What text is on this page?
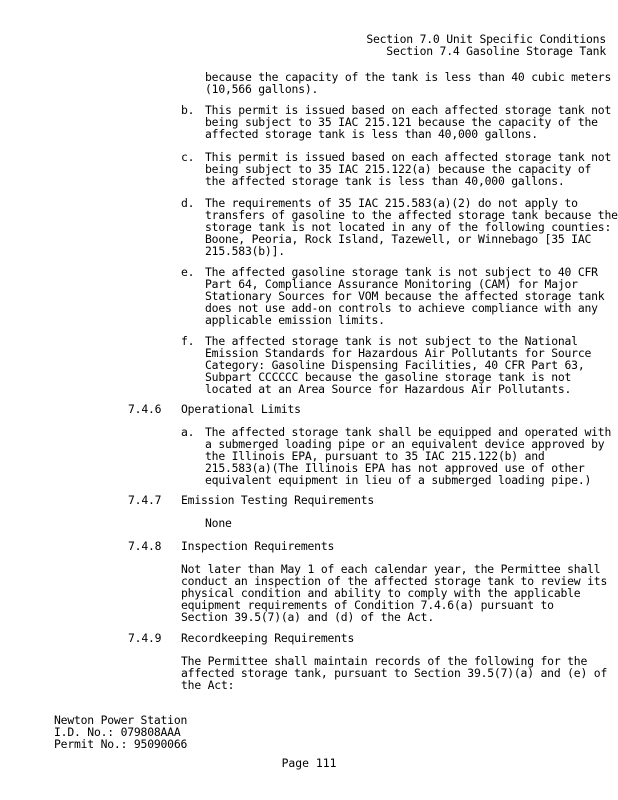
Section 7.0 Unit Specific Conditions
Section 7.4 Gasoline Storage Tank
because the capacity of the tank is less than 40 cubic meters
(10,566 gallons).
b. This permit is issued based on each affected storage tank not
being subject to 35 IAC 215.121 because the capacity of the
affected storage tank is less than 40,000 gallons.
c. This permit is issued based on each affected storage tank not
being subject to 35 IAC 215.122(a) because the capacity of
the affected storage tank is less than 40,000 gallons.
d. The requirements of 35 IAC 215.583(a)(2) do not apply to
transfers of gasoline to the affected storage tank because the
storage tank is not located in any of the following counties:
Boone, Peoria, Rock Island, Tazewell, or Winnebago [35 IAC
215.583(b)].
e. The affected gasoline storage tank is not subject to 40 CFR
Part 64, Compliance Assurance Monitoring (CAM) for Major
Stationary Sources for VOM because the affected storage tank
does not use add-on controls to achieve compliance with any
applicable emission limits.
f. The affected storage tank is not subject to the National
Emission Standards for Hazardous Air Pollutants for Source
Category: Gasoline Dispensing Facilities, 40 CFR Part 63,
Subpart CCCCCC because the gasoline storage tank is not
located at an Area Source for Hazardous Air Pollutants.
7.4.6 Operational Limits
a. The affected storage tank shall be equipped and operated with
a submerged loading pipe or an equivalent device approved by
the Illinois EPA, pursuant to 35 IAC 215.122(b) and
215.583(a)(The Illinois EPA has not approved use of other
equivalent equipment in lieu of a submerged loading pipe.)
7.4.7 Emission Testing Requirements
None
7.4.8 Inspection Requirements
Not later than May 1 of each calendar year, the Permittee shall
conduct an inspection of the affected storage tank to review its
physical condition and ability to comply with the applicable
equipment requirements of Condition 7.4.6(a) pursuant to
Section 39.5(7)(a) and (d) of the Act.
7.4.9 Recordkeeping Requirements
The Permittee shall maintain records of the following for the
affected storage tank, pursuant to Section 39.5(7)(a) and (e) of
the Act:
Newton Power Station
I.D. No.: 079808AAA
Permit No.: 95090066
Page 111
